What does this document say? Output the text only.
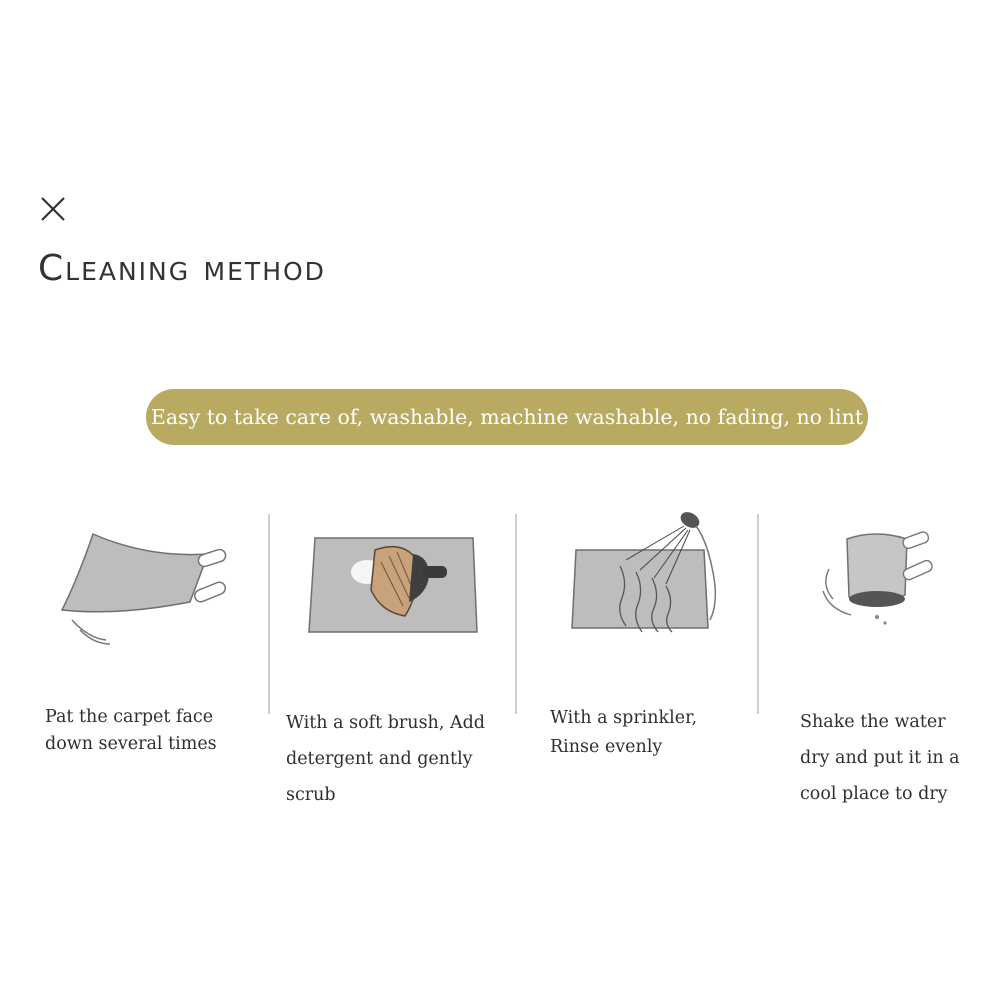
Cleaning method
Easy to take care of, washable, machine washable, no fading, no lint
Pat the carpet face
down several times
With a soft brush, Add
detergent and gently
scrub
With a sprinkler,
Rinse evenly
Shake the water
dry and put it in a
cool place to dry
